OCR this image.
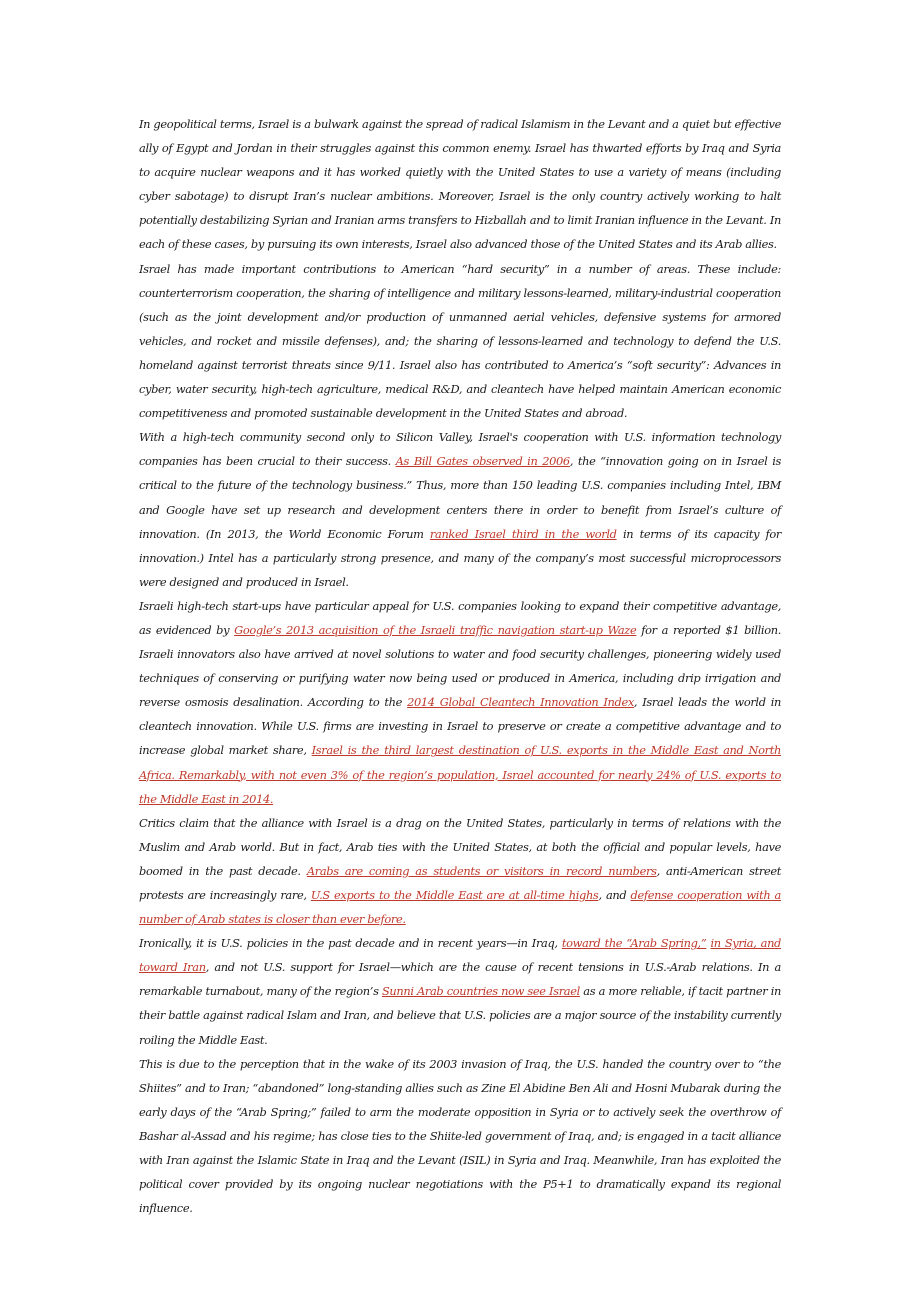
In geopolitical terms, Israel is a bulwark against the spread of radical Islamism in the Levant and a quiet but effective ally of Egypt and Jordan in their struggles against this common enemy. Israel has thwarted efforts by Iraq and Syria to acquire nuclear weapons and it has worked quietly with the United States to use a variety of means (including cyber sabotage) to disrupt Iran’s nuclear ambitions. Moreover, Israel is the only country actively working to halt potentially destabilizing Syrian and Iranian arms transfers to Hizballah and to limit Iranian influence in the Levant. In each of these cases, by pursuing its own interests, Israel also advanced those of the United States and its Arab allies.

Israel has made important contributions to American “hard security” in a number of areas. These include: counterterrorism cooperation, the sharing of intelligence and military lessons-learned, military-industrial cooperation (such as the joint development and/or production of unmanned aerial vehicles, defensive systems for armored vehicles, and rocket and missile defenses), and; the sharing of lessons-learned and technology to defend the U.S. homeland against terrorist threats since 9/11. Israel also has contributed to America’s “soft security”: Advances in cyber, water security, high-tech agriculture, medical R&D, and cleantech have helped maintain American economic competitiveness and promoted sustainable development in the United States and abroad.

With a high-tech community second only to Silicon Valley, Israel's cooperation with U.S. information technology companies has been crucial to their success. As Bill Gates observed in 2006, the “innovation going on in Israel is critical to the future of the technology business.” Thus, more than 150 leading U.S. companies including Intel, IBM and Google have set up research and development centers there in order to benefit from Israel’s culture of innovation. (In 2013, the World Economic Forum ranked Israel third in the world in terms of its capacity for innovation.) Intel has a particularly strong presence, and many of the company’s most successful microprocessors were designed and produced in Israel.

Israeli high-tech start-ups have particular appeal for U.S. companies looking to expand their competitive advantage, as evidenced by Google’s 2013 acquisition of the Israeli traffic navigation start-up Waze for a reported $1 billion. Israeli innovators also have arrived at novel solutions to water and food security challenges, pioneering widely used techniques of conserving or purifying water now being used or produced in America, including drip irrigation and reverse osmosis desalination. According to the 2014 Global Cleantech Innovation Index, Israel leads the world in cleantech innovation. While U.S. firms are investing in Israel to preserve or create a competitive advantage and to increase global market share, Israel is the third largest destination of U.S. exports in the Middle East and North Africa. Remarkably, with not even 3% of the region’s population, Israel accounted for nearly 24% of U.S. exports to the Middle East in 2014.

Critics claim that the alliance with Israel is a drag on the United States, particularly in terms of relations with the Muslim and Arab world. But in fact, Arab ties with the United States, at both the official and popular levels, have boomed in the past decade. Arabs are coming as students or visitors in record numbers, anti-American street protests are increasingly rare, U.S exports to the Middle East are at all-time highs, and defense cooperation with a number of Arab states is closer than ever before.

Ironically, it is U.S. policies in the past decade and in recent years—in Iraq, toward the “Arab Spring,” in Syria, and toward Iran, and not U.S. support for Israel—which are the cause of recent tensions in U.S.-Arab relations. In a remarkable turnabout, many of the region’s Sunni Arab countries now see Israel as a more reliable, if tacit partner in their battle against radical Islam and Iran, and believe that U.S. policies are a major source of the instability currently roiling the Middle East.

This is due to the perception that in the wake of its 2003 invasion of Iraq, the U.S. handed the country over to “the Shiites” and to Iran; “abandoned” long-standing allies such as Zine El Abidine Ben Ali and Hosni Mubarak during the early days of the “Arab Spring;” failed to arm the moderate opposition in Syria or to actively seek the overthrow of Bashar al-Assad and his regime; has close ties to the Shiite-led government of Iraq, and; is engaged in a tacit alliance with Iran against the Islamic State in Iraq and the Levant (ISIL) in Syria and Iraq. Meanwhile, Iran has exploited the political cover provided by its ongoing nuclear negotiations with the P5+1 to dramatically expand its regional influence.
